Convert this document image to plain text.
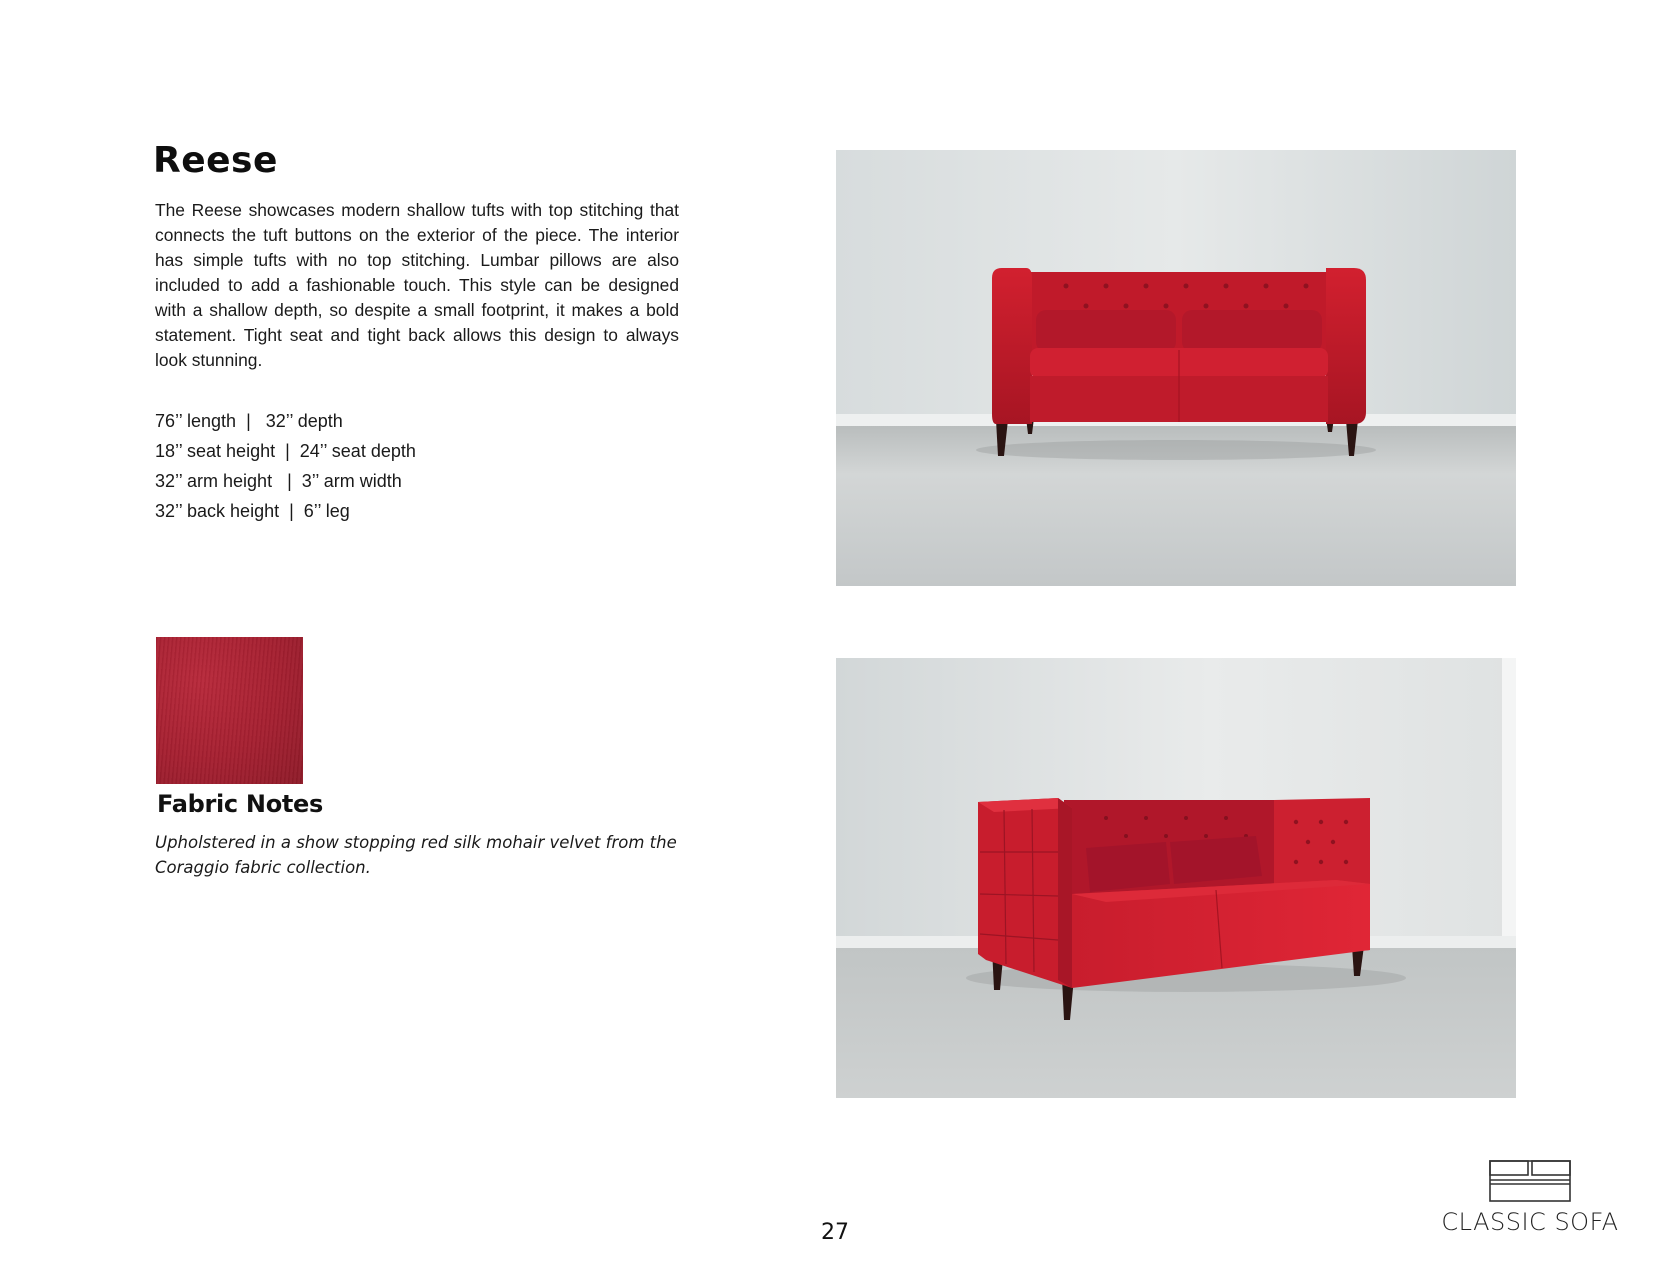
Reese

The Reese showcases modern shallow tufts with top stitching that connects the tuft buttons on the exterior of the piece. The interior has simple tufts with no top stitching. Lumbar pillows are also included to add a fashionable touch. This style can be designed with a shallow depth, so despite a small footprint, it makes a bold statement. Tight seat and tight back allows this design to always look stunning.

76’’ length  |   32’’ depth
18’’ seat height  |  24’’ seat depth
32’’ arm height   |  3’’ arm width
32’’ back height  |  6’’ leg
Fabric Notes

Upholstered in a show stopping red silk mohair velvet from the Coraggio fabric collection.

27	CLASSIC SOFA
